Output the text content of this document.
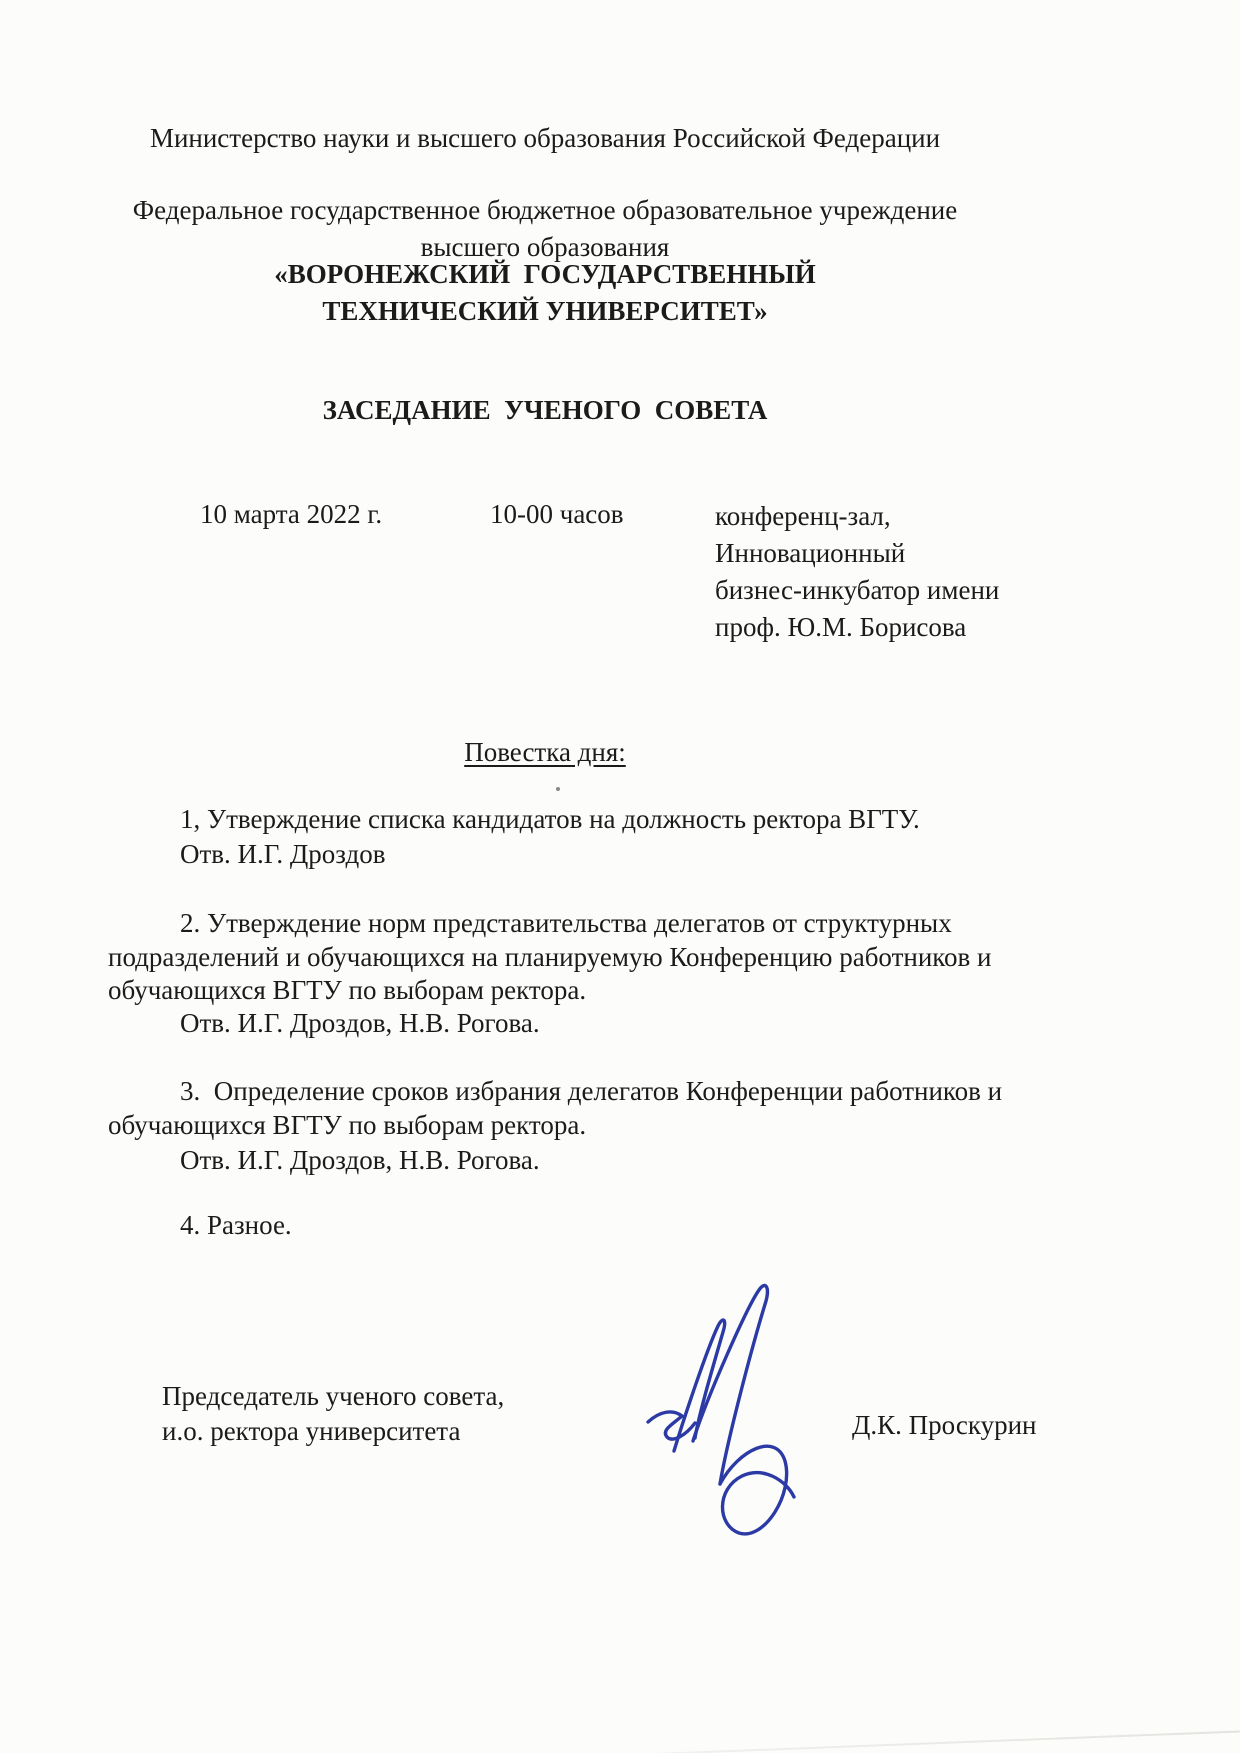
Министерство науки и высшего образования Российской Федерации
Федеральное государственное бюджетное образовательное учреждение
высшего образования
«ВОРОНЕЖСКИЙ  ГОСУДАРСТВЕННЫЙ
ТЕХНИЧЕСКИЙ УНИВЕРСИТЕТ»
ЗАСЕДАНИЕ  УЧЕНОГО  СОВЕТА
10 марта 2022 г.	10-00 часов	конференц-зал,
Инновационный
бизнес-инкубатор имени
проф. Ю.М. Борисова
Повестка дня:
1, Утверждение списка кандидатов на должность ректора ВГТУ.
Отв. И.Г. Дроздов
2. Утверждение норм представительства делегатов от структурных
подразделений и обучающихся на планируемую Конференцию работников и
обучающихся ВГТУ по выборам ректора.
Отв. И.Г. Дроздов, Н.В. Рогова.
3.  Определение сроков избрания делегатов Конференции работников и
обучающихся ВГТУ по выборам ректора.
Отв. И.Г. Дроздов, Н.В. Рогова.
4. Разное.
Председатель ученого совета,
и.о. ректора университета	Д.К. Проскурин
